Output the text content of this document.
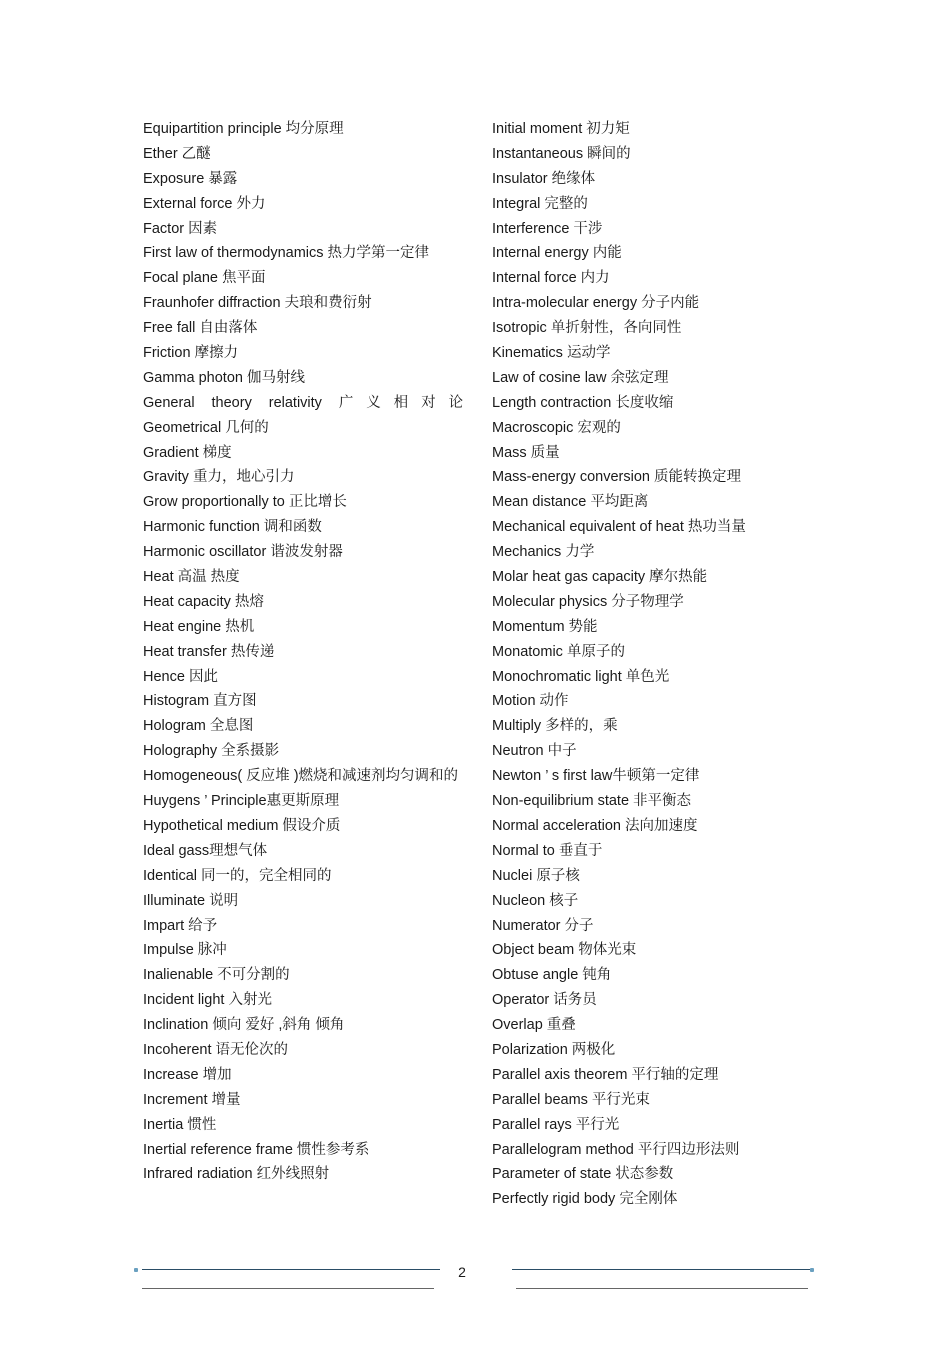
Equipartition principle 均分原理
Ether 乙醚
Exposure 暴露
External force 外力
Factor 因素
First law of thermodynamics 热力学第一定律
Focal plane 焦平面
Fraunhofer diffraction 夫琅和费衍射
Free fall 自由落体
Friction 摩擦力
Gamma photon 伽马射线
General theory relativity 广义相对论
Geometrical 几何的
Gradient 梯度
Gravity 重力，地心引力
Grow proportionally to 正比增长
Harmonic function 调和函数
Harmonic oscillator 谐波发射器
Heat 高温 热度
Heat capacity 热熔
Heat engine 热机
Heat transfer 热传递
Hence 因此
Histogram 直方图
Hologram 全息图
Holography 全系摄影
Homogeneous( 反应堆 )燃烧和减速剂均匀调和的
Huygens ’ Principle惠更斯原理
Hypothetical medium 假设介质
Ideal gass理想气体
Identical 同一的，完全相同的
Illuminate 说明
Impart 给予
Impulse 脉冲
Inalienable 不可分割的
Incident light 入射光
Inclination 倾向 爱好 ,斜角 倾角
Incoherent 语无伦次的
Increase 增加
Increment 增量
Inertia 惯性
Inertial reference frame 惯性参考系
Infrared radiation 红外线照射
Initial moment 初力矩
Instantaneous 瞬间的
Insulator 绝缘体
Integral 完整的
Interference 干涉
Internal energy 内能
Internal force 内力
Intra-molecular energy 分子内能
Isotropic 单折射性，各向同性
Kinematics 运动学
Law of cosine law 余弦定理
Length contraction 长度收缩
Macroscopic 宏观的
Mass 质量
Mass-energy conversion 质能转换定理
Mean distance 平均距离
Mechanical equivalent of heat 热功当量
Mechanics 力学
Molar heat gas capacity 摩尔热能
Molecular physics 分子物理学
Momentum 势能
Monatomic 单原子的
Monochromatic light 单色光
Motion 动作
Multiply 多样的，乘
Neutron 中子
Newton ’ s first law牛顿第一定律
Non-equilibrium state 非平衡态
Normal acceleration 法向加速度
Normal to 垂直于
Nuclei 原子核
Nucleon 核子
Numerator 分子
Object beam 物体光束
Obtuse angle 钝角
Operator 话务员
Overlap 重叠
Polarization 两极化
Parallel axis theorem 平行轴的定理
Parallel beams 平行光束
Parallel rays 平行光
Parallelogram method 平行四边形法则
Parameter of state 状态参数
Perfectly rigid body 完全刚体
2
